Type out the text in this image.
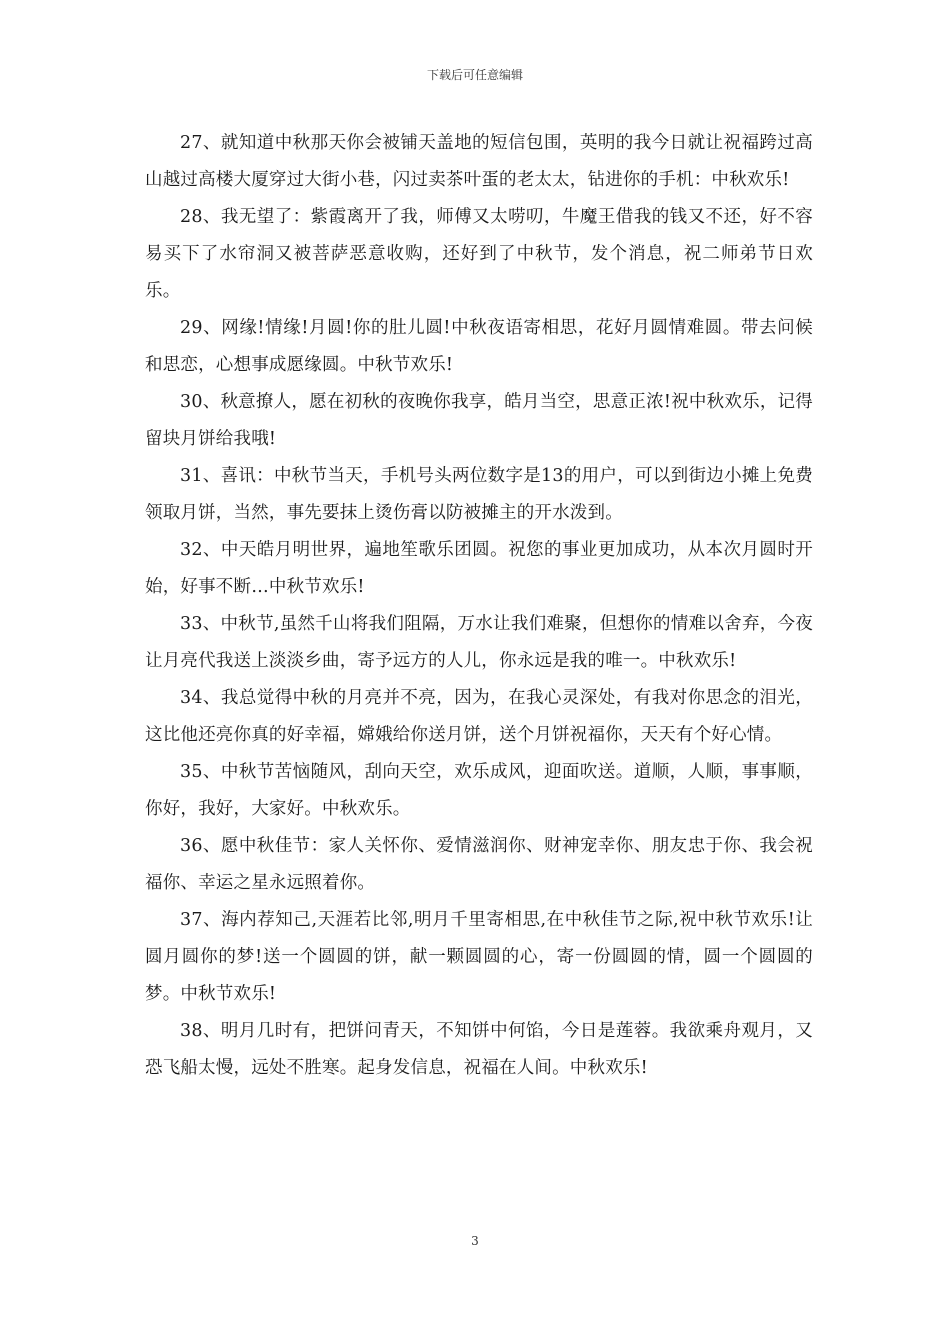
下载后可任意编辑

27、就知道中秋那天你会被铺天盖地的短信包围，英明的我今日就让祝福跨过高山越过高楼大厦穿过大街小巷，闪过卖茶叶蛋的老太太，钻进你的手机：中秋欢乐!

28、我无望了：紫霞离开了我，师傅又太唠叨，牛魔王借我的钱又不还，好不容易买下了水帘洞又被菩萨恶意收购，还好到了中秋节，发个消息，祝二师弟节日欢乐。

29、网缘!情缘!月圆!你的肚儿圆!中秋夜语寄相思，花好月圆情难圆。带去问候和思恋，心想事成愿缘圆。中秋节欢乐!

30、秋意撩人，愿在初秋的夜晚你我享，皓月当空，思意正浓!祝中秋欢乐，记得留块月饼给我哦!

31、喜讯：中秋节当天，手机号头两位数字是13的用户，可以到街边小摊上免费领取月饼，当然，事先要抹上烫伤膏以防被摊主的开水泼到。

32、中天皓月明世界，遍地笙歌乐团圆。祝您的事业更加成功，从本次月圆时开始，好事不断…中秋节欢乐!

33、中秋节,虽然千山将我们阻隔，万水让我们难聚，但想你的情难以舍弃，今夜让月亮代我送上淡淡乡曲，寄予远方的人儿，你永远是我的唯一。中秋欢乐!

34、我总觉得中秋的月亮并不亮，因为，在我心灵深处，有我对你思念的泪光，这比他还亮你真的好幸福，嫦娥给你送月饼，送个月饼祝福你，天天有个好心情。

35、中秋节苦恼随风，刮向天空，欢乐成风，迎面吹送。道顺，人顺，事事顺，你好，我好，大家好。中秋欢乐。

36、愿中秋佳节：家人关怀你、爱情滋润你、财神宠幸你、朋友忠于你、我会祝福你、幸运之星永远照着你。

37、海内荐知己,天涯若比邻,明月千里寄相思,在中秋佳节之际,祝中秋节欢乐!让圆月圆你的梦!送一个圆圆的饼，献一颗圆圆的心，寄一份圆圆的情，圆一个圆圆的梦。中秋节欢乐!

38、明月几时有，把饼问青天，不知饼中何馅，今日是莲蓉。我欲乘舟观月，又恐飞船太慢，远处不胜寒。起身发信息，祝福在人间。中秋欢乐!

3
